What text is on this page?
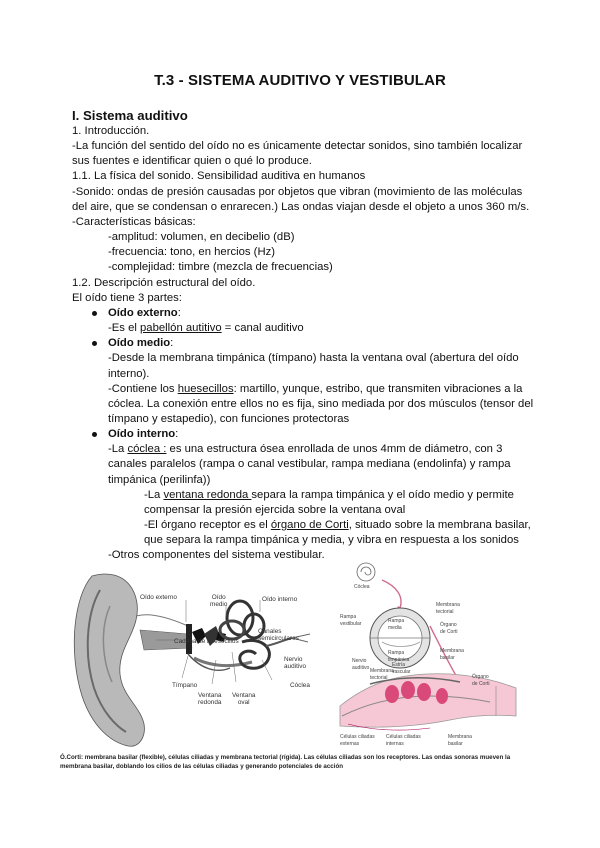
T.3 - SISTEMA AUDITIVO Y VESTIBULAR
I. Sistema auditivo
1. Introducción.
-La función del sentido del oído no es únicamente detectar sonidos, sino también localizar
sus fuentes e identificar quien o qué lo produce.
1.1. La física del sonido. Sensibilidad auditiva en humanos
-Sonido: ondas de presión causadas por objetos que vibran (movimiento de las moléculas
del aire, que se condensan o enrarecen.) Las ondas viajan desde el objeto a unos 360 m/s.
-Características básicas:
-amplitud: volumen, en decibelio (dB)
-frecuencia: tono, en hercios (Hz)
-complejidad: timbre (mezcla de frecuencias)
1.2. Descripción estructural del oído.
El oído tiene 3 partes:
Oído externo:
-Es el pabellón autitivo = canal auditivo
Oído medio:
-Desde la membrana timpánica (tímpano) hasta la ventana oval (abertura del oído
interno).
-Contiene los huesecillos: martillo, yunque, estribo, que transmiten vibraciones a la
cóclea. La conexión entre ellos no es fija, sino mediada por dos músculos (tensor del
tímpano y estapedio), con funciones protectoras
Oído interno:
-La cóclea : es una estructura ósea enrollada de unos 4mm de diámetro, con 3
canales paralelos (rampa o canal vestibular, rampa mediana (endolinfa) y rampa
timpánica (perilinfa))
-La ventana redonda separa la rampa timpánica y el oído medio y permite
compensar la presión ejercida sobre la ventana oval
-El órgano receptor es el órgano de Corti, situado sobre la membrana basilar,
que separa la rampa timpánica y media, y vibra en respuesta a los sonidos
-Otros componentes del sistema vestibular.
Oído externo	Oído
medio
Oído interno
Canales
semicirculares
Nervio
auditivo
Cóclea
Cadena de huesecillos
Tímpano
Ventana
redonda
Ventana
oval
Cóclea
Rampa
vestibular	Rampa
media
Rampa
timpánica
Membrana
tectorial
Órgano
de Corti
Membrana
basilar
Nervio
auditivo	Estría
vascular
Membrana
tectorial	Órgano
de Corti
Células ciliadas
externas
Células ciliadas
internas
Membrana
basilar
Ó.Corti: membrana basilar (flexible), células ciliadas y membrana tectorial (rígida). Las células ciliadas son los receptores. Las ondas sonoras mueven la membrana basilar, doblando los cilios de las células ciliadas y generando potenciales de acción
